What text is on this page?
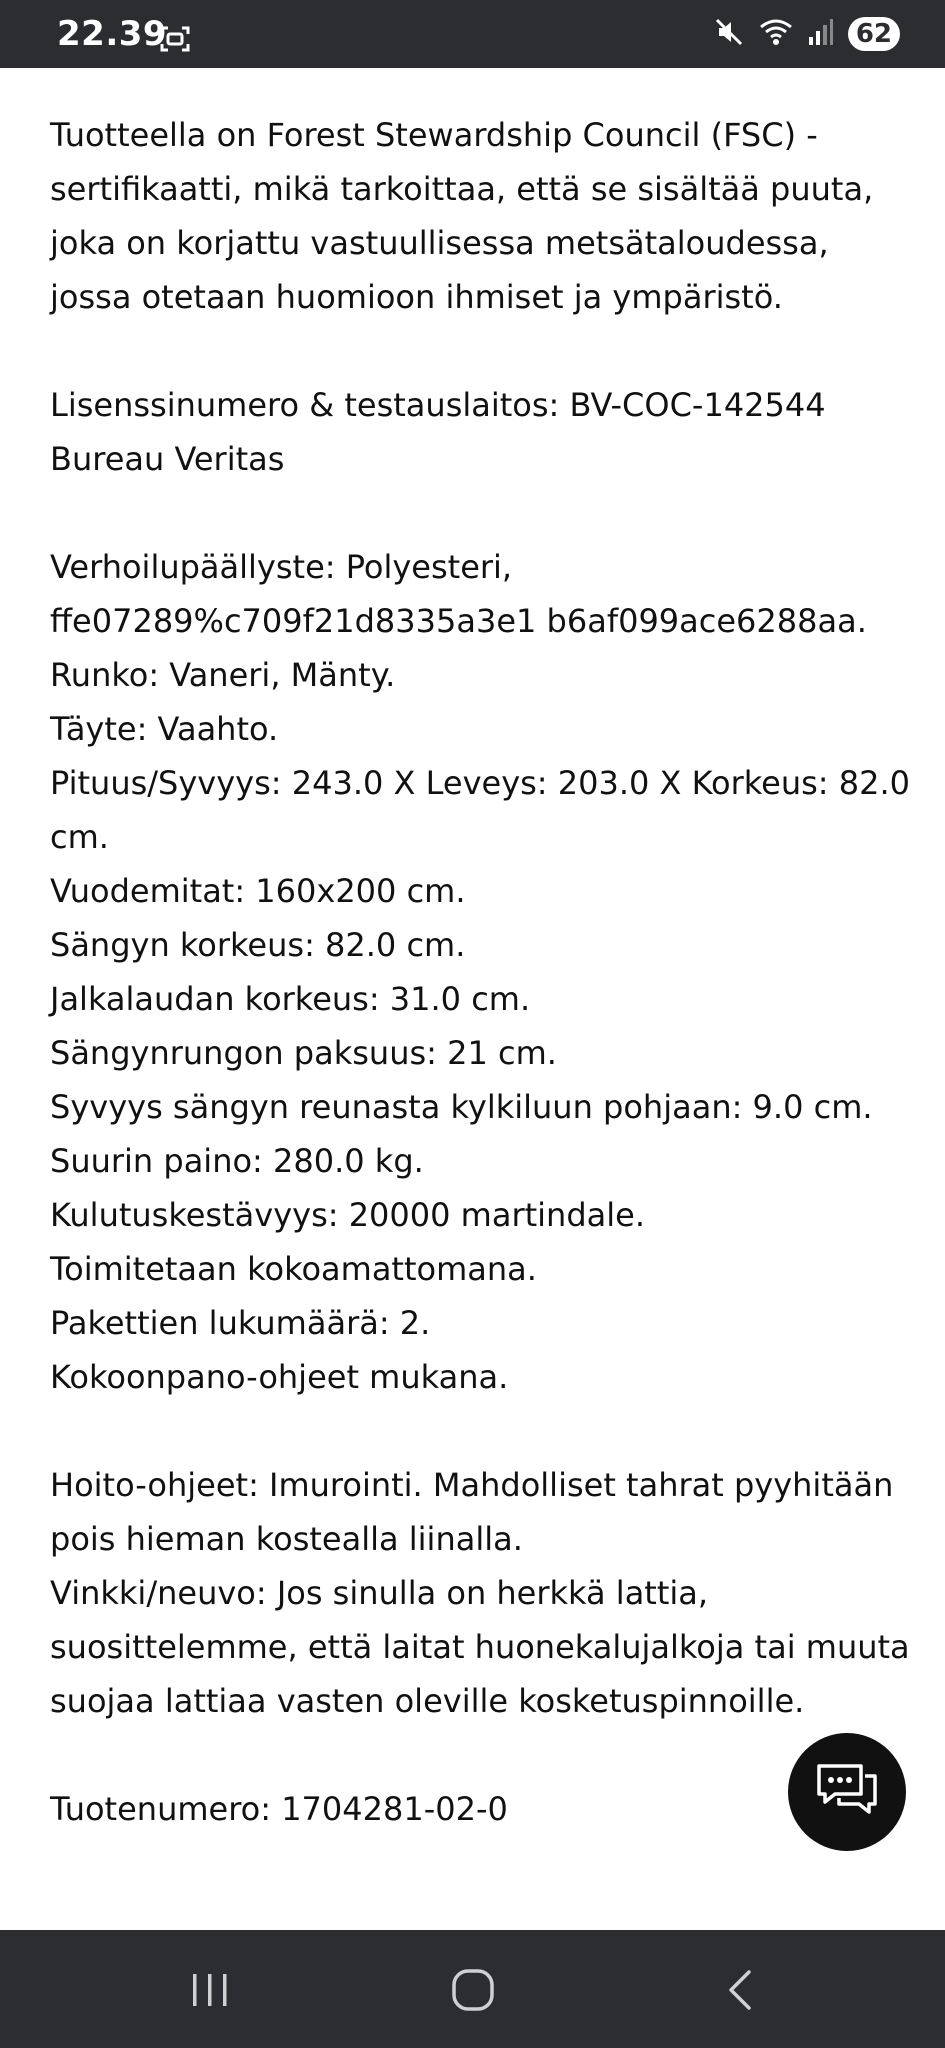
22.39	62

Tuotteella on Forest Stewardship Council (FSC) -sertifikaatti, mikä tarkoittaa, että se sisältää puuta, joka on korjattu vastuullisessa metsätaloudessa, jossa otetaan huomioon ihmiset ja ympäristö.

Lisenssinumero & testauslaitos: BV-COC-142544

Bureau Veritas

Verhoilupäällyste: Polyesteri, ffe07289%c709f21d8335a3e1 b6af099ace6288aa.

Runko: Vaneri, Mänty.

Täyte: Vaahto.

Pituus/Syvyys: 243.0 X Leveys: 203.0 X Korkeus: 82.0 cm.

Vuodemitat: 160x200 cm.

Sängyn korkeus: 82.0 cm.

Jalkalaudan korkeus: 31.0 cm.

Sängynrungon paksuus: 21 cm.

Syvyys sängyn reunasta kylkiluun pohjaan: 9.0 cm.

Suurin paino: 280.0 kg.

Kulutuskestävyys: 20000 martindale.

Toimitetaan kokoamattomana.

Pakettien lukumäärä: 2.

Kokoonpano-ohjeet mukana.

Hoito-ohjeet: Imurointi. Mahdolliset tahrat pyyhitään pois hieman kostealla liinalla.

Vinkki/neuvo: Jos sinulla on herkkä lattia, suosittelemme, että laitat huonekalujalkoja tai muuta suojaa lattiaa vasten oleville kosketuspinnoille.

Tuotenumero: 1704281-02-0
